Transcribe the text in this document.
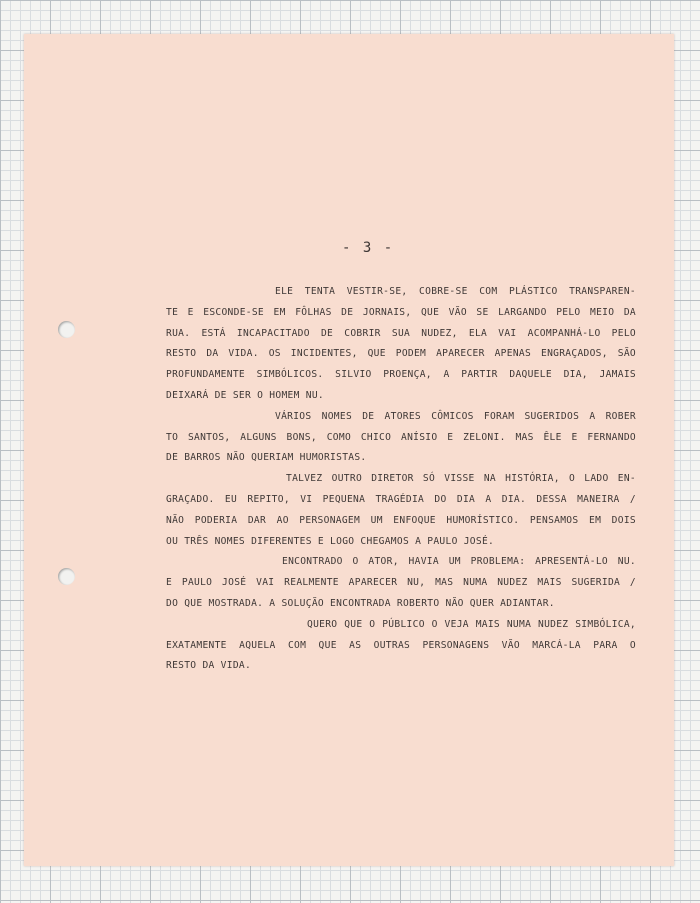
- 3 -
ELE TENTA VESTIR-SE, COBRE-SE COM PLÁSTICO TRANSPAREN-
TE E ESCONDE-SE EM FÔLHAS DE JORNAIS, QUE VÃO SE LARGANDO PELO MEIO DA
RUA. ESTÁ INCAPACITADO DE COBRIR SUA NUDEZ, ELA VAI ACOMPANHÁ-LO PELO
RESTO DA VIDA. OS INCIDENTES, QUE PODEM APARECER APENAS ENGRAÇADOS, SÃO
PROFUNDAMENTE SIMBÓLICOS. SILVIO PROENÇA, A PARTIR DAQUELE DIA, JAMAIS
DEIXARÁ DE SER O HOMEM NU.
VÁRIOS NOMES DE ATORES CÔMICOS FORAM SUGERIDOS A ROBER
TO SANTOS, ALGUNS BONS, COMO CHICO ANÍSIO E ZELONI. MAS ÊLE E FERNANDO
DE BARROS NÃO QUERIAM HUMORISTAS.
TALVEZ OUTRO DIRETOR SÓ VISSE NA HISTÓRIA, O LADO EN-
GRAÇADO. EU REPITO, VI PEQUENA TRAGÉDIA DO DIA A DIA. DESSA MANEIRA /
NÃO PODERIA DAR AO PERSONAGEM UM ENFOQUE HUMORÍSTICO. PENSAMOS EM DOIS
OU TRÊS NOMES DIFERENTES E LOGO CHEGAMOS A PAULO JOSÉ.
ENCONTRADO O ATOR, HAVIA UM PROBLEMA: APRESENTÁ-LO NU.
E PAULO JOSÉ VAI REALMENTE APARECER NU, MAS NUMA NUDEZ MAIS SUGERIDA /
DO QUE MOSTRADA. A SOLUÇÃO ENCONTRADA ROBERTO NÃO QUER ADIANTAR.
QUERO QUE O PÚBLICO O VEJA MAIS NUMA NUDEZ SIMBÓLICA,
EXATAMENTE AQUELA COM QUE AS OUTRAS PERSONAGENS VÃO MARCÁ-LA PARA O
RESTO DA VIDA.
